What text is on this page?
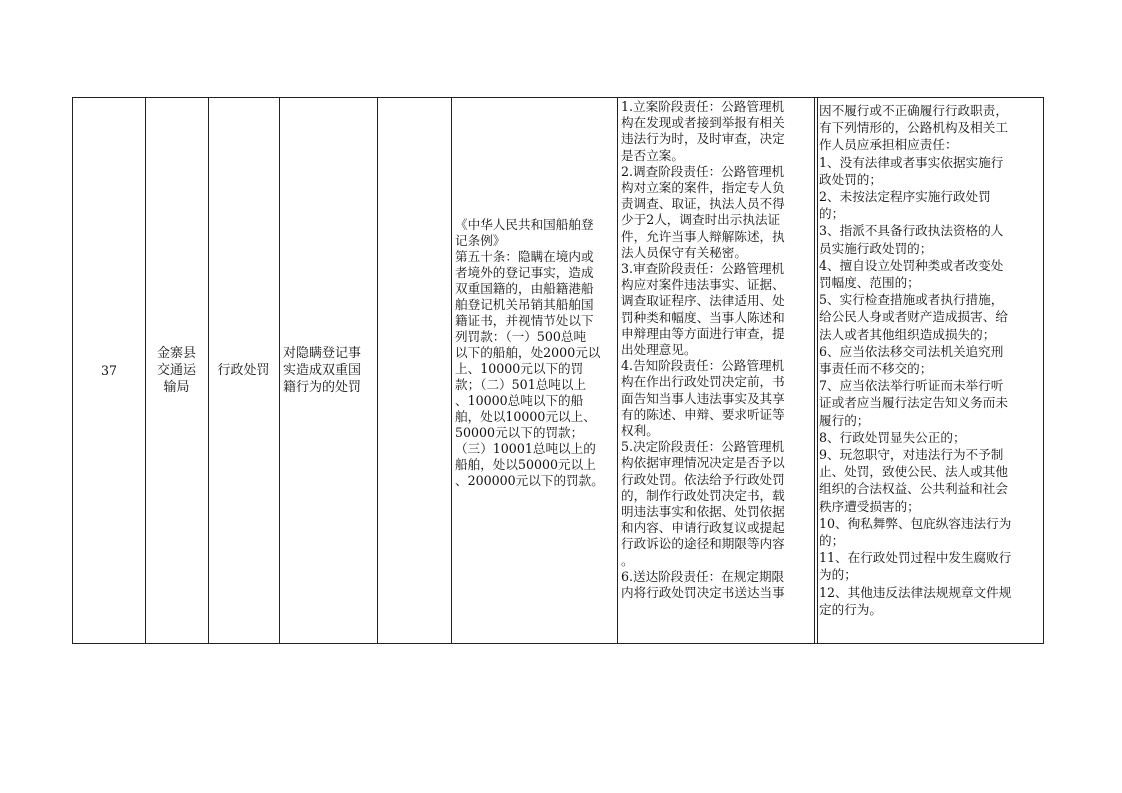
37
金寨县
交通运
输局
行政处罚
对隐瞒登记事
实造成双重国
籍行为的处罚
《中华人民共和国船舶登
记条例》
第五十条：隐瞒在境内或
者境外的登记事实，造成
双重国籍的，由船籍港船
舶登记机关吊销其船舶国
籍证书，并视情节处以下
列罚款：（一）500总吨
以下的船舶，处2000元以
上、10000元以下的罚
款；（二）501总吨以上
、10000总吨以下的船
舶，处以10000元以上、
50000元以下的罚款；
（三）10001总吨以上的
船舶，处以50000元以上
、200000元以下的罚款。
1.立案阶段责任：公路管理机
构在发现或者接到举报有相关
违法行为时，及时审查，决定
是否立案。
2.调查阶段责任：公路管理机
构对立案的案件，指定专人负
责调查、取证，执法人员不得
少于2人，调查时出示执法证
件，允许当事人辩解陈述，执
法人员保守有关秘密。
3.审查阶段责任：公路管理机
构应对案件违法事实、证据、
调查取证程序、法律适用、处
罚种类和幅度、当事人陈述和
申辩理由等方面进行审查，提
出处理意见。
4.告知阶段责任：公路管理机
构在作出行政处罚决定前，书
面告知当事人违法事实及其享
有的陈述、申辩、要求听证等
权利。
5.决定阶段责任：公路管理机
构依据审理情况决定是否予以
行政处罚。依法给予行政处罚
的，制作行政处罚决定书，载
明违法事实和依据、处罚依据
和内容、申请行政复议或提起
行政诉讼的途径和期限等内容
。
6.送达阶段责任：在规定期限
内将行政处罚决定书送达当事
因不履行或不正确履行行政职责，
有下列情形的，公路机构及相关工
作人员应承担相应责任：
1、没有法律或者事实依据实施行
政处罚的；
2、未按法定程序实施行政处罚
的；
3、指派不具备行政执法资格的人
员实施行政处罚的；
4、擅自设立处罚种类或者改变处
罚幅度、范围的；
5、实行检查措施或者执行措施，
给公民人身或者财产造成损害、给
法人或者其他组织造成损失的；
6、应当依法移交司法机关追究刑
事责任而不移交的；
7、应当依法举行听证而未举行听
证或者应当履行法定告知义务而未
履行的；
8、行政处罚显失公正的；
9、玩忽职守，对违法行为不予制
止、处罚，致使公民、法人或其他
组织的合法权益、公共利益和社会
秩序遭受损害的；
10、徇私舞弊、包庇纵容违法行为
的；
11、在行政处罚过程中发生腐败行
为的；
12、其他违反法律法规规章文件规
定的行为。
